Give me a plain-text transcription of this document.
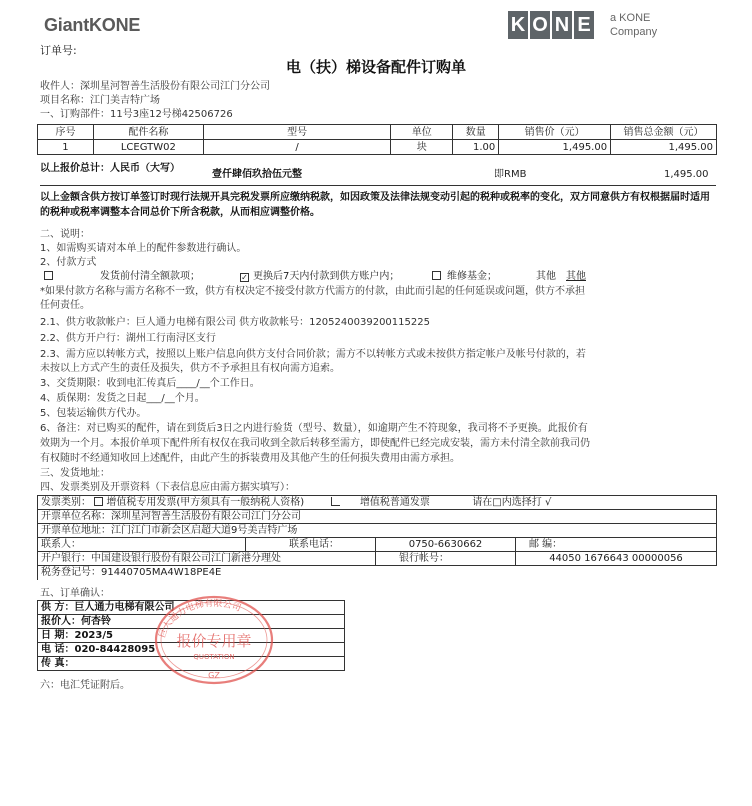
GiantKONE	K O N E	a KONE
Company
订单号:
电（扶）梯设备配件订购单
收件人：深圳星河智善生活股份有限公司江门分公司
项目名称：江门美吉特广场
一、订购部件：11号3座12号梯42506726
序号	配件名称	型号	单位	数量	销售价（元）	销售总金额（元）
1	LCEGTW02	/	块	1.00	1,495.00	1,495.00
以上报价总计：人民币（大写）
壹仟肆佰玖拾伍元整	即RMB	1,495.00
以上金额含供方按订单签订时现行法规开具完税发票所应缴纳税款，如因政策及法律法规变动引起的税种或税率的变化，双方同意供方有权根据届时适用的税种或税率调整本合同总价下所含税款，从而相应调整价格。
二、说明：
1、如需购买请对本单上的配件参数进行确认。
2、付款方式
发货前付清全额款项；	✓ 更换后7天内付款到供方账户内；	维修基金；	其他 其他
*如果付款方名称与需方名称不一致，供方有权决定不接受付款方代需方的付款，由此而引起的任何延误或问题，供方不承担
任何责任。
2.1、供方收款帐户：巨人通力电梯有限公司 供方收款帐号：1205240039200115225
2.2、供方开户行：湖州工行南浔区支行
2.3、需方应以转帐方式，按照以上账户信息向供方支付合同价款；需方不以转帐方式或未按供方指定帐户及帐号付款的，若
未按以上方式产生的责任及损失，供方不予承担且有权向需方追索。
3、交货期限：收到电汇传真后____/__个工作日。
4、质保期：发货之日起___/__个月。
5、包装运输供方代办。
6、备注：对已购买的配件，请在到货后3日之内进行验货（型号、数量），如逾期产生不符现象，我司将不予更换。此报价有
效期为一个月。本报价单项下配件所有权仅在我司收到全款后转移至需方，即使配件已经完成安装，需方未付清全款前我司仍
有权随时不经通知收回上述配件，由此产生的拆装费用及其他产生的任何损失费用由需方承担。
三、发货地址：
四、发票类别及开票资料（下表信息应由需方据实填写）：
发票类别： 增值税专用发票(甲方须具有一般纳税人资格) 增值税普通发票 请在□内选择打 √			
开票单位名称：深圳星河智善生活股份有限公司江门分公司			
开票单位地址：江门江门市新会区启超大道9号美吉特广场			
联系人：	联系电话：	0750-6630662	邮 编：
开户银行：中国建设银行股份有限公司江门新港分理处		银行帐号：	44050 1676643 00000056
税务登记号：91440705MA4W18PE4E			
五、订单确认：
供 方：巨人通力电梯有限公司
报价人：何杏铃
日 期：2023/5
电 话：020-84428095
传 真：
六：电汇凭证附后。
巨人通力电梯有限公司
报价专用章
QUOTATION
GZ
